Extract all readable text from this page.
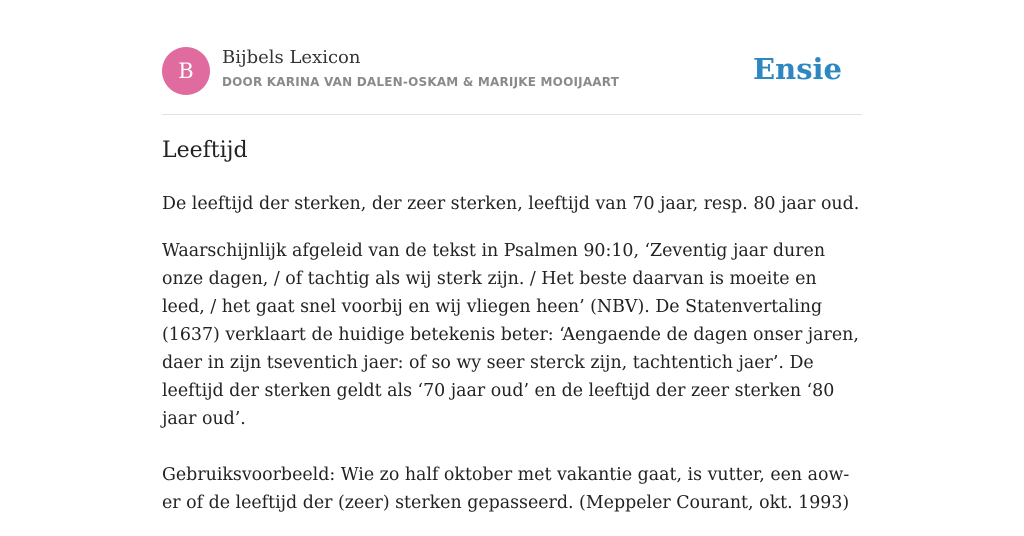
B
Bijbels Lexicon
DOOR KARINA VAN DALEN-OSKAM & MARIJKE MOOIJAART	Ensie
Leeftijd

De leeftijd der sterken, der zeer sterken, leeftijd van 70 jaar, resp. 80 jaar oud.

Waarschijnlijk afgeleid van de tekst in Psalmen 90:10, ‘Zeventig jaar duren onze dagen, / of tachtig als wij sterk zijn. / Het beste daarvan is moeite en leed, / het gaat snel voorbij en wij vliegen heen’ (NBV). De Statenvertaling (1637) verklaart de huidige betekenis beter: ‘Aengaende de dagen onser jaren, daer in zijn tseventich jaer: of so wy seer sterck zijn, tachtentich jaer’. De leeftijd der sterken geldt als ‘70 jaar oud’ en de leeftijd der zeer sterken ‘80 jaar oud’.

Gebruiksvoorbeeld: Wie zo half oktober met vakantie gaat, is vutter, een aow-er of de leeftijd der (zeer) sterken gepasseerd. (Meppeler Courant, okt. 1993)
